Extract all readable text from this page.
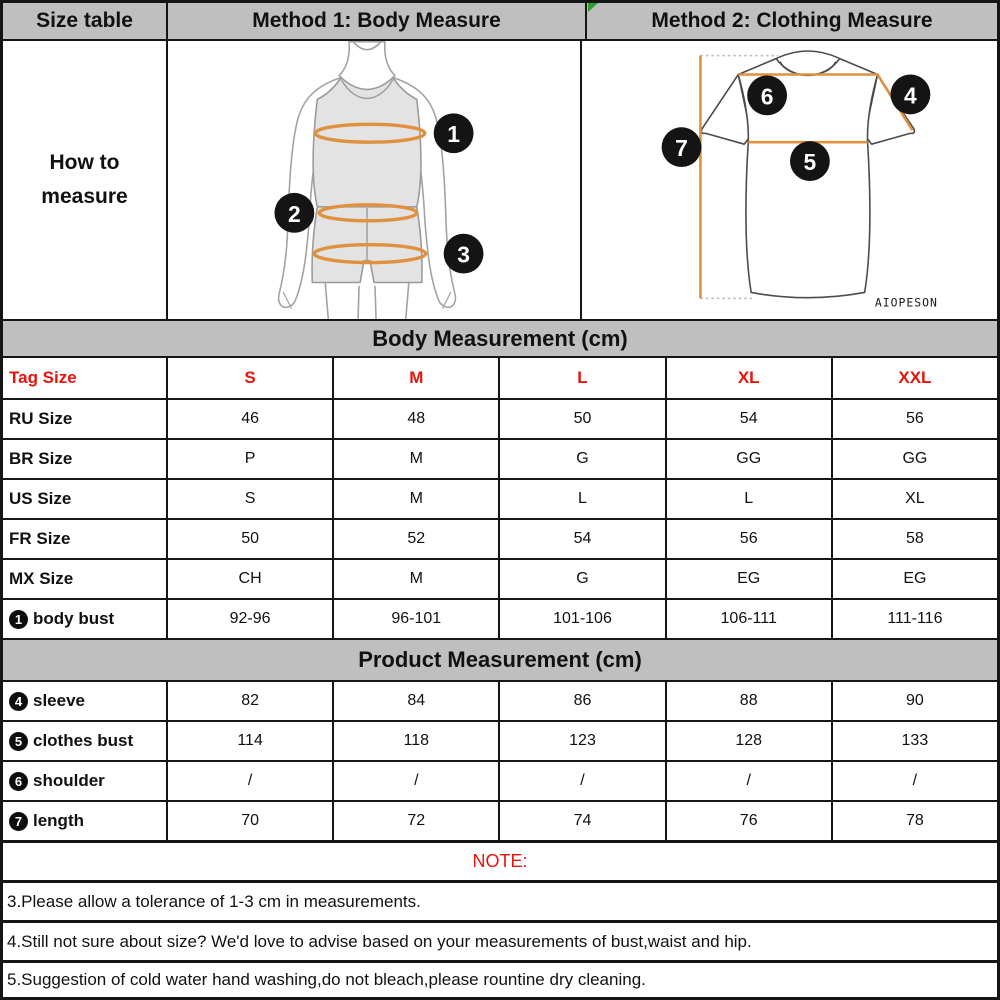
Size table	Method 1: Body Measure	Method 2: Clothing Measure
How to
measure
1
2
3
6	4
5
7
AIOPESON
Body Measurement (cm)
Tag Size	S	M	L	XL	XXL
RU Size	46	48	50	54	56
BR Size	P	M	G	GG	GG
US Size	S	M	L	L	XL
FR Size	50	52	54	56	58
MX Size	CH	M	G	EG	EG
1 body bust	92-96	96-101	101-106	106-111	111-116
Product Measurement (cm)
4 sleeve	82	84	86	88	90
5 clothes bust	114	118	123	128	133
6 shoulder	/	/	/	/	/
7 length	70	72	74	76	78
NOTE:
3.Please allow a tolerance of 1-3 cm in measurements.
4.Still not sure about size? We'd love to advise based on your measurements of bust,waist and hip.
5.Suggestion of cold water hand washing,do not bleach,please rountine dry cleaning.
